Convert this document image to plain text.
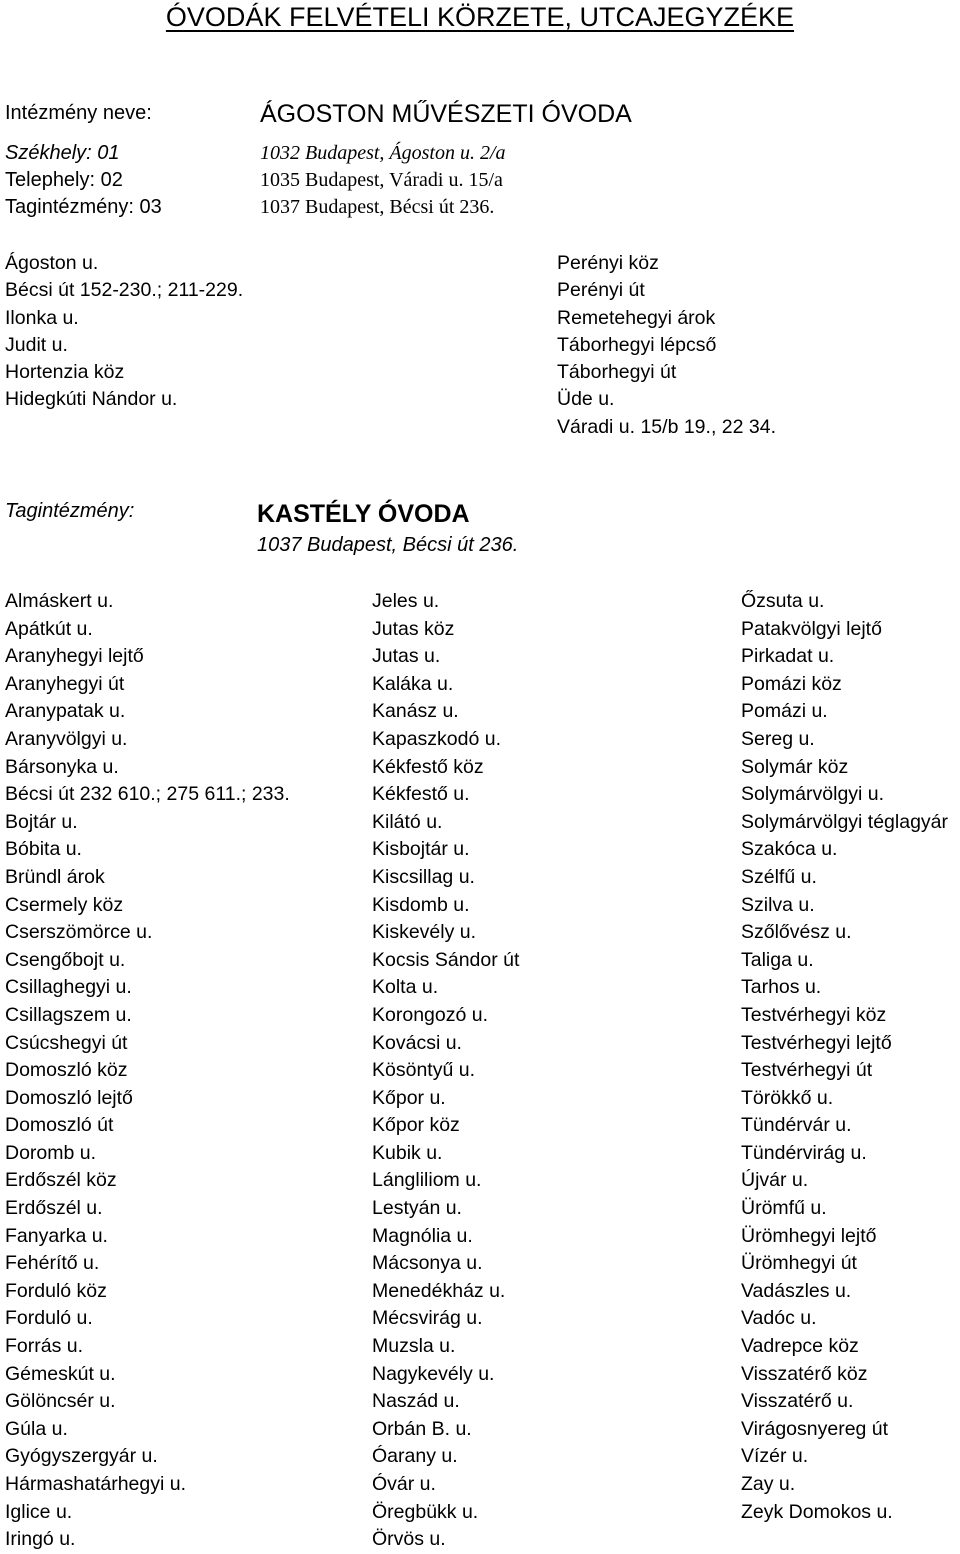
ÓVODÁK FELVÉTELI KÖRZETE, UTCAJEGYZÉKE
Intézmény neve:	ÁGOSTON MŰVÉSZETI ÓVODA
Székhely: 01	1032 Budapest, Ágoston u. 2/a
Telephely: 02	1035 Budapest, Váradi u. 15/a
Tagintézmény: 03	1037 Budapest, Bécsi út 236.
Ágoston u.
Bécsi út 152-230.; 211-229.
Ilonka u.
Judit u.
Hortenzia köz
Hidegkúti Nándor u.
Perényi köz
Perényi út
Remetehegyi árok
Táborhegyi lépcső
Táborhegyi út
Üde u.
Váradi u. 15/b 19., 22 34.
Tagintézmény:	KASTÉLY ÓVODA
1037 Budapest, Bécsi út 236.
Almáskert u.
Apátkút u.
Aranyhegyi lejtő
Aranyhegyi út
Aranypatak u.
Aranyvölgyi u.
Bársonyka u.
Bécsi út 232 610.; 275 611.; 233.
Bojtár u.
Bóbita u.
Bründl árok
Csermely köz
Cserszömörce u.
Csengőbojt u.
Csillaghegyi u.
Csillagszem u.
Csúcshegyi út
Domoszló köz
Domoszló lejtő
Domoszló út
Doromb u.
Erdőszél köz
Erdőszél u.
Fanyarka u.
Fehérítő u.
Forduló köz
Forduló u.
Forrás u.
Gémeskút u.
Gölöncsér u.
Gúla u.
Gyógyszergyár u.
Hármashatárhegyi u.
Iglice u.
Iringó u.
Jeles u.
Jutas köz
Jutas u.
Kaláka u.
Kanász u.
Kapaszkodó u.
Kékfestő köz
Kékfestő u.
Kilátó u.
Kisbojtár u.
Kiscsillag u.
Kisdomb u.
Kiskevély u.
Kocsis Sándor út
Kolta u.
Korongozó u.
Kovácsi u.
Kösöntyű u.
Kőpor u.
Kőpor köz
Kubik u.
Lángliliom u.
Lestyán u.
Magnólia u.
Mácsonya u.
Menedékház u.
Mécsvirág u.
Muzsla u.
Nagykevély u.
Naszád u.
Orbán B. u.
Óarany u.
Óvár u.
Öregbükk u.
Örvös u.
Őzsuta u.
Patakvölgyi lejtő
Pirkadat u.
Pomázi köz
Pomázi u.
Sereg u.
Solymár köz
Solymárvölgyi u.
Solymárvölgyi téglagyár
Szakóca u.
Szélfű u.
Szilva u.
Szőlővész u.
Taliga u.
Tarhos u.
Testvérhegyi köz
Testvérhegyi lejtő
Testvérhegyi út
Törökkő u.
Tündérvár u.
Tündérvirág u.
Újvár u.
Ürömfű u.
Ürömhegyi lejtő
Ürömhegyi út
Vadászles u.
Vadóc u.
Vadrepce köz
Visszatérő köz
Visszatérő u.
Virágosnyereg út
Vízér u.
Zay u.
Zeyk Domokos u.
